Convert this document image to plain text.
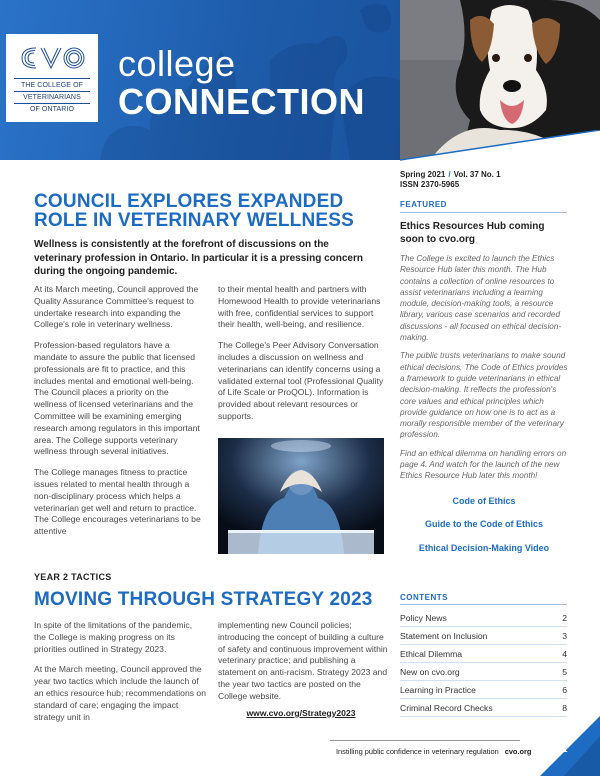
THE COLLEGE OF
VETERINARIANS
OF ONTARIO
college
CONNECTION
Spring 2021 / Vol. 37 No. 1
ISSN 2370-5965
COUNCIL EXPLORES EXPANDED
ROLE IN VETERINARY WELLNESS
Wellness is consistently at the forefront of discussions on the veterinary profession in Ontario. In particular it is a pressing concern during the ongoing pandemic.

At its March meeting, Council approved the Quality Assurance Committee's request to undertake research into expanding the College's role in veterinary wellness.

Profession-based regulators have a mandate to assure the public that licensed professionals are fit to practice, and this includes mental and emotional well-being. The Council places a priority on the wellness of licensed veterinarians and the Committee will be examining emerging research among regulators in this important area. The College supports veterinary wellness through several initiatives.

The College manages fitness to practice issues related to mental health through a non-disciplinary process which helps a veterinarian get well and return to practice. The College encourages veterinarians to be attentive

to their mental health and partners with Homewood Health to provide veterinarians with free, confidential services to support their health, well-being, and resilience.

The College's Peer Advisory Conversation includes a discussion on wellness and veterinarians can identify concerns using a validated external tool (Professional Quality of Life Scale or ProQOL). Information is provided about relevant resources or supports.

FEATURED
Ethics Resources Hub coming soon to cvo.org

The College is excited to launch the Ethics Resource Hub later this month. The Hub contains a collection of online resources to assist veterinarians including a learning module, decision-making tools, a resource library, various case scenarios and recorded discussions - all focused on ethical decision-making.

The public trusts veterinarians to make sound ethical decisions. The Code of Ethics provides a framework to guide veterinarians in ethical decision-making. It reflects the profession's core values and ethical principles which provide guidance on how one is to act as a morally responsible member of the veterinary profession.

Find an ethical dilemma on handling errors on page 4. And watch for the launch of the new Ethics Resource Hub later this month!

Code of Ethics
Guide to the Code of Ethics
Ethical Decision-Making Video
YEAR 2 TACTICS
MOVING THROUGH STRATEGY 2023

In spite of the limitations of the pandemic, the College is making progress on its priorities outlined in Strategy 2023.

At the March meeting, Council approved the year two tactics which include the launch of an ethics resource hub; recommendations on standard of care; engaging the impact strategy unit in

implementing new Council policies; introducing the concept of building a culture of safety and continuous improvement within veterinary practice; and publishing a statement on anti-racism. Strategy 2023 and the year two tactics are posted on the College website.

www.cvo.org/Strategy2023
CONTENTS
Policy News	2
Statement on Inclusion	3
Ethical Dilemma	4
New on cvo.org	5
Learning in Practice	6
Criminal Record Checks	8
Instilling public confidence in veterinary regulation cvo.org	1
